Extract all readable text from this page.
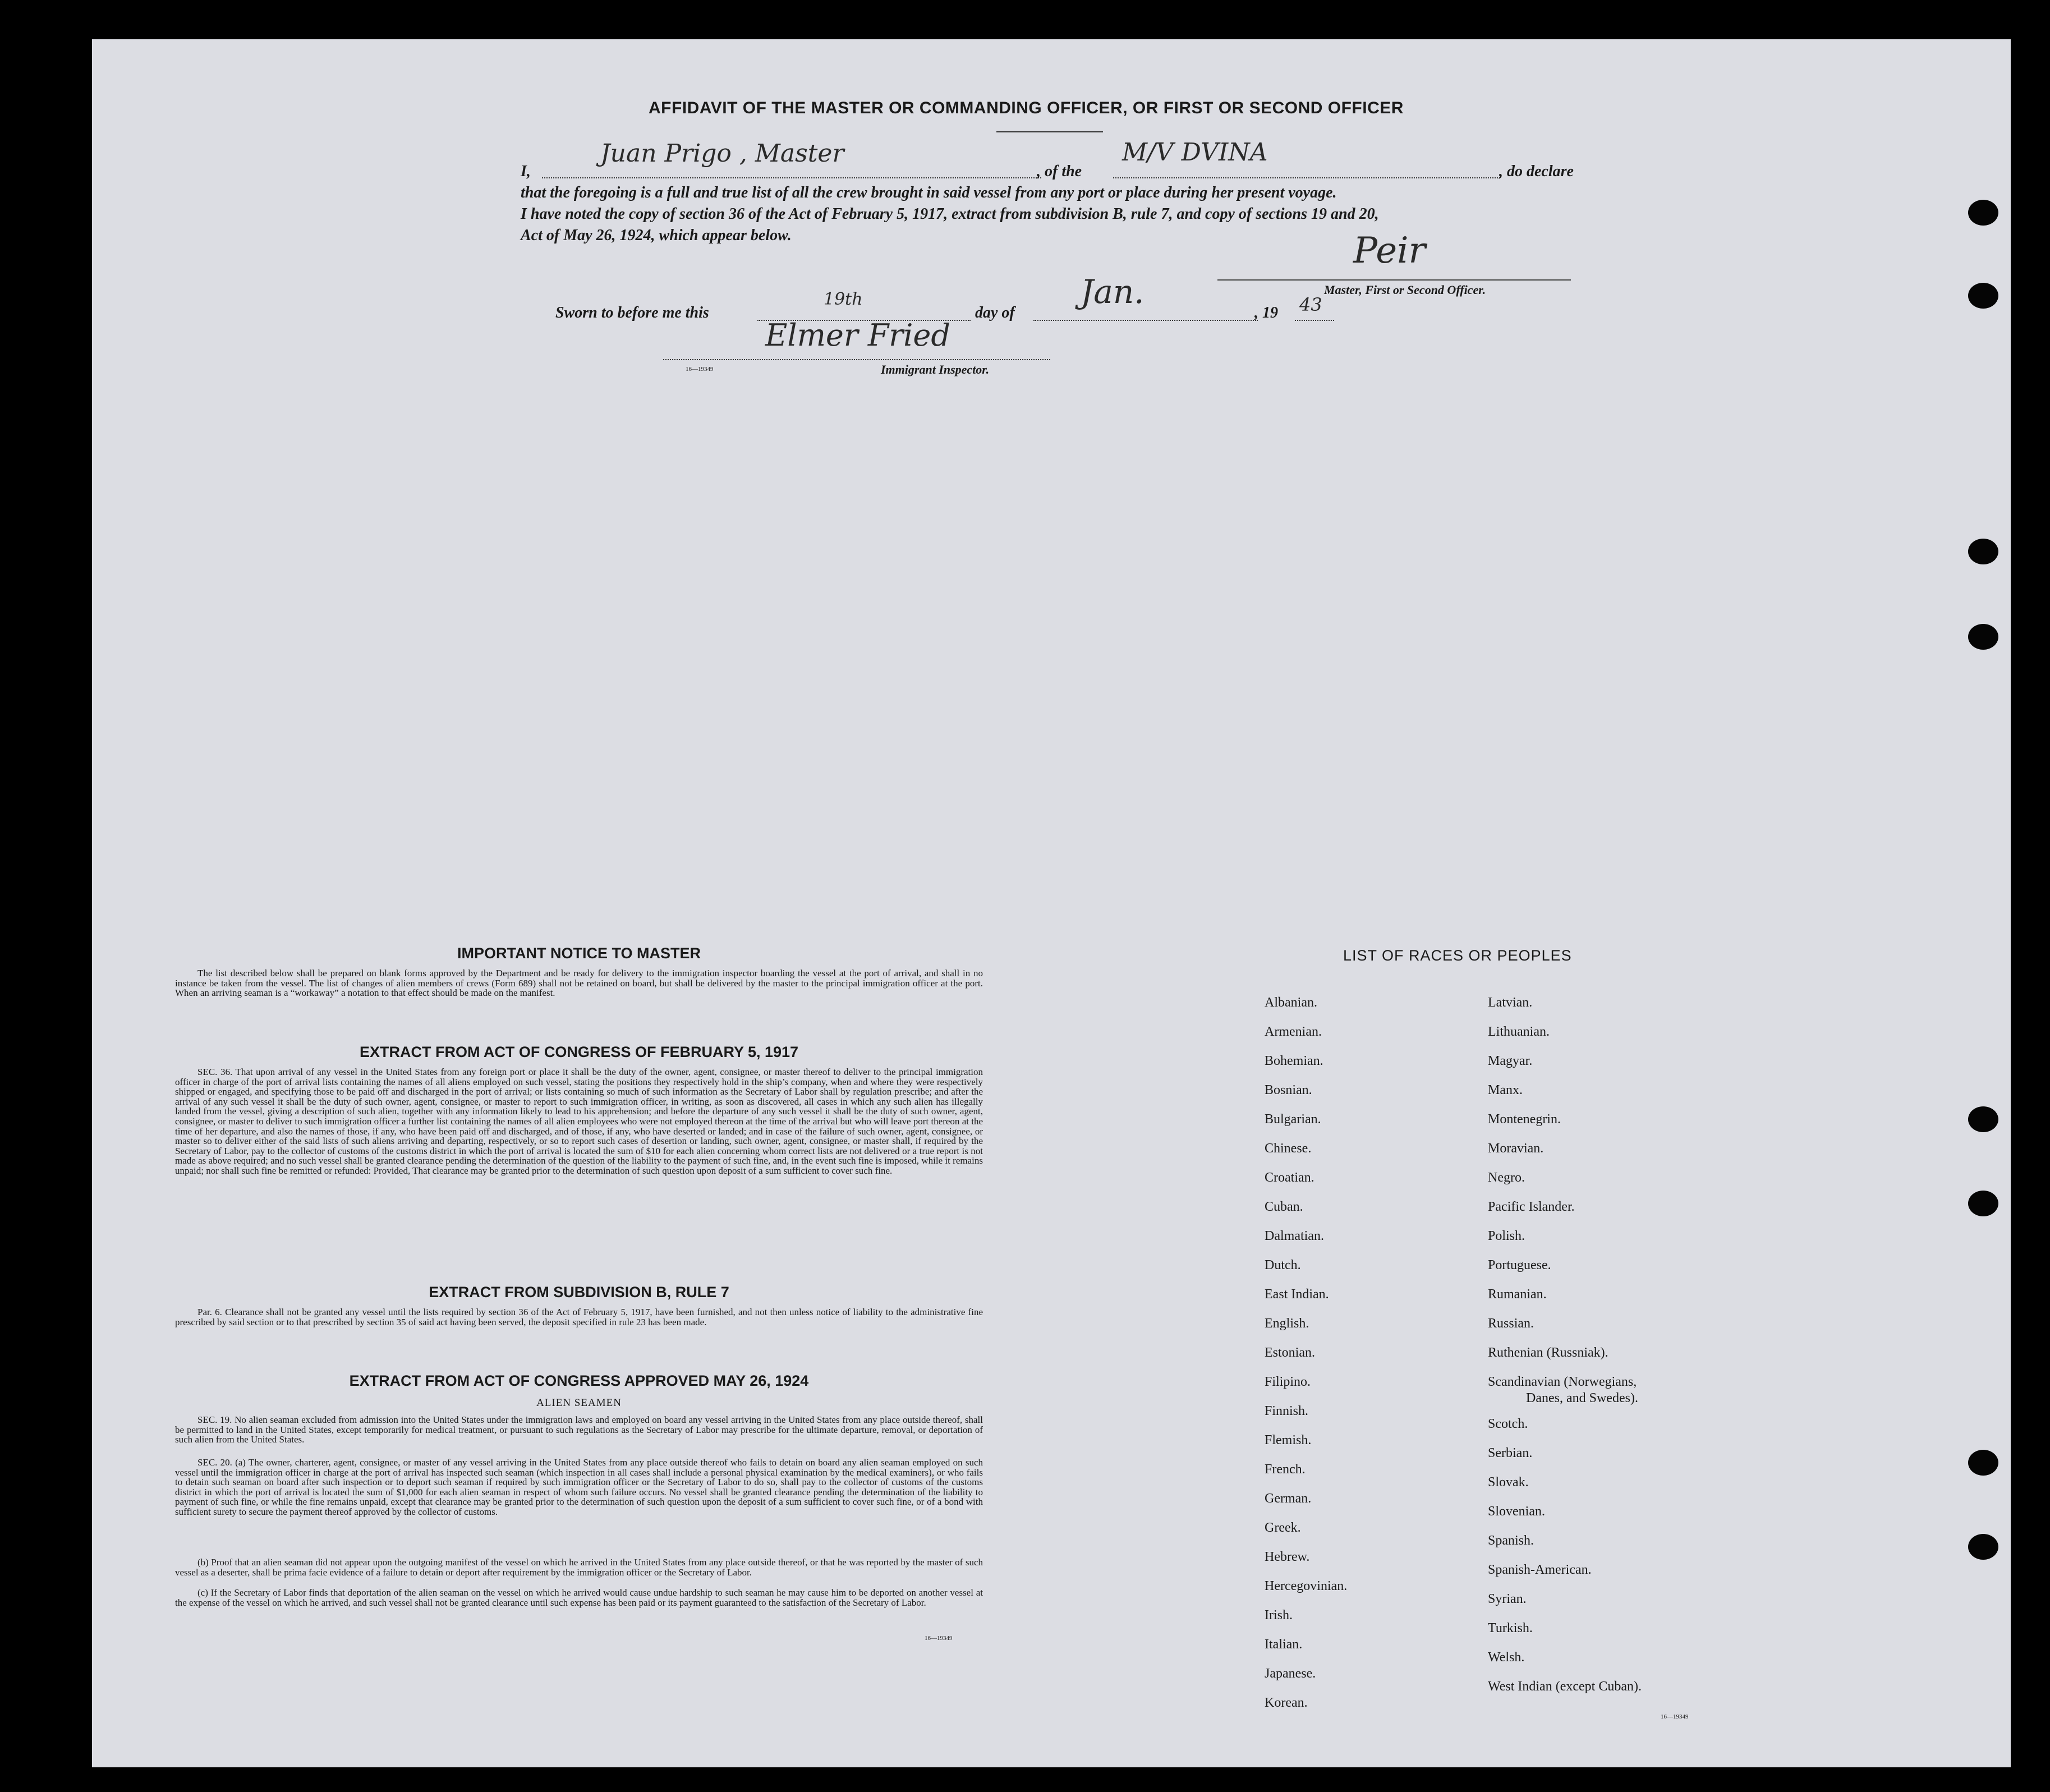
AFFIDAVIT OF THE MASTER OR COMMANDING OFFICER, OR FIRST OR SECOND OFFICER
I,
Juan Prigo , Master
, of the
M/V DVINA
, do declare
that the foregoing is a full and true list of all the crew brought in said vessel from any port or place during her present voyage.
I have noted the copy of section 36 of the Act of February 5, 1917, extract from subdivision B, rule 7, and copy of sections 19 and 20,
Act of May 26, 1924, which appear below.	Peir
Master, First or Second Officer.
Sworn to before me this
19th
day of
Jan.
, 19 43
Elmer Fried
16—19349	Immigrant Inspector.
IMPORTANT NOTICE TO MASTER
The list described below shall be prepared on blank forms approved by the Department and be ready for delivery to the immigration inspector boarding the vessel at the port of arrival, and shall in no instance be taken from the vessel. The list of changes of alien members of crews (Form 689) shall not be retained on board, but shall be delivered by the master to the principal immigration officer at the port. When an arriving seaman is a “workaway” a notation to that effect should be made on the manifest.
EXTRACT FROM ACT OF CONGRESS OF FEBRUARY 5, 1917
SEC. 36. That upon arrival of any vessel in the United States from any foreign port or place it shall be the duty of the owner, agent, consignee, or master thereof to deliver to the principal immigration officer in charge of the port of arrival lists containing the names of all aliens employed on such vessel, stating the positions they respectively hold in the ship’s company, when and where they were respectively shipped or engaged, and specifying those to be paid off and discharged in the port of arrival; or lists containing so much of such information as the Secretary of Labor shall by regulation prescribe; and after the arrival of any such vessel it shall be the duty of such owner, agent, consignee, or master to report to such immigration officer, in writing, as soon as discovered, all cases in which any such alien has illegally landed from the vessel, giving a description of such alien, together with any information likely to lead to his apprehension; and before the departure of any such vessel it shall be the duty of such owner, agent, consignee, or master to deliver to such immigration officer a further list containing the names of all alien employees who were not employed thereon at the time of the arrival but who will leave port thereon at the time of her departure, and also the names of those, if any, who have been paid off and discharged, and of those, if any, who have deserted or landed; and in case of the failure of such owner, agent, consignee, or master so to deliver either of the said lists of such aliens arriving and departing, respectively, or so to report such cases of desertion or landing, such owner, agent, consignee, or master shall, if required by the Secretary of Labor, pay to the collector of customs of the customs district in which the port of arrival is located the sum of $10 for each alien concerning whom correct lists are not delivered or a true report is not made as above required; and no such vessel shall be granted clearance pending the determination of the question of the liability to the payment of such fine, and, in the event such fine is imposed, while it remains unpaid; nor shall such fine be remitted or refunded: Provided, That clearance may be granted prior to the determination of such question upon deposit of a sum sufficient to cover such fine.
EXTRACT FROM SUBDIVISION B, RULE 7
Par. 6. Clearance shall not be granted any vessel until the lists required by section 36 of the Act of February 5, 1917, have been furnished, and not then unless notice of liability to the administrative fine prescribed by said section or to that prescribed by section 35 of said act having been served, the deposit specified in rule 23 has been made.
EXTRACT FROM ACT OF CONGRESS APPROVED MAY 26, 1924
ALIEN SEAMEN
SEC. 19. No alien seaman excluded from admission into the United States under the immigration laws and employed on board any vessel arriving in the United States from any place outside thereof, shall be permitted to land in the United States, except temporarily for medical treatment, or pursuant to such regulations as the Secretary of Labor may prescribe for the ultimate departure, removal, or deportation of such alien from the United States.
SEC. 20. (a) The owner, charterer, agent, consignee, or master of any vessel arriving in the United States from any place outside thereof who fails to detain on board any alien seaman employed on such vessel until the immigration officer in charge at the port of arrival has inspected such seaman (which inspection in all cases shall include a personal physical examination by the medical examiners), or who fails to detain such seaman on board after such inspection or to deport such seaman if required by such immigration officer or the Secretary of Labor to do so, shall pay to the collector of customs of the customs district in which the port of arrival is located the sum of $1,000 for each alien seaman in respect of whom such failure occurs. No vessel shall be granted clearance pending the determination of the liability to payment of such fine, or while the fine remains unpaid, except that clearance may be granted prior to the determination of such question upon the deposit of a sum sufficient to cover such fine, or of a bond with sufficient surety to secure the payment thereof approved by the collector of customs.
(b) Proof that an alien seaman did not appear upon the outgoing manifest of the vessel on which he arrived in the United States from any place outside thereof, or that he was reported by the master of such vessel as a deserter, shall be prima facie evidence of a failure to detain or deport after requirement by the immigration officer or the Secretary of Labor.
(c) If the Secretary of Labor finds that deportation of the alien seaman on the vessel on which he arrived would cause undue hardship to such seaman he may cause him to be deported on another vessel at the expense of the vessel on which he arrived, and such vessel shall not be granted clearance until such expense has been paid or its payment guaranteed to the satisfaction of the Secretary of Labor.
16—19349
LIST OF RACES OR PEOPLES
Albanian.
Armenian.
Bohemian.
Bosnian.
Bulgarian.
Chinese.
Croatian.
Cuban.
Dalmatian.
Dutch.
East Indian.
English.
Estonian.
Filipino.
Finnish.
Flemish.
French.
German.
Greek.
Hebrew.
Hercegovinian.
Irish.
Italian.
Japanese.
Korean.
Latvian.
Lithuanian.
Magyar.
Manx.
Montenegrin.
Moravian.
Negro.
Pacific Islander.
Polish.
Portuguese.
Rumanian.
Russian.
Ruthenian (Russniak).
Scandinavian (Norwegians,
Danes, and Swedes).
Scotch.
Serbian.
Slovak.
Slovenian.
Spanish.
Spanish-American.
Syrian.
Turkish.
Welsh.
West Indian (except Cuban).
16—19349
